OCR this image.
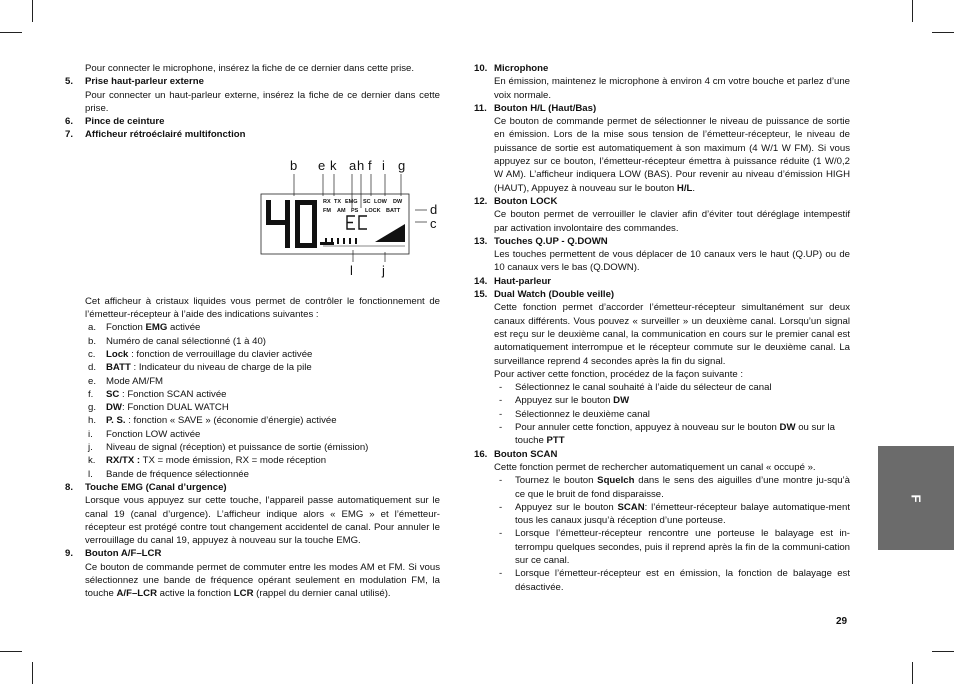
Pour connecter le microphone, insérez la fiche de ce dernier dans cette prise.

5. Prise haut-parleur externe

Pour connecter un haut-parleur externe, insérez la fiche de ce dernier dans cette prise.

6. Pince de ceinture

7. Afficheur rétroéclairé multifonction

Cet afficheur à cristaux liquides vous permet de contrôler le fonctionnement de l’émetteur-récepteur à l’aide des indications suivantes :

a. Fonction EMG activée

b. Numéro de canal sélectionné (1 à 40)

c. Lock : fonction de verrouillage du clavier activée

d. BATT : Indicateur du niveau de charge de la pile

e. Mode AM/FM

f. SC : Fonction SCAN activée

g. DW: Fonction DUAL WATCH

h. P. S. : fonction « SAVE » (économie d’énergie) activée

i. Fonction LOW activée

j. Niveau de signal (réception) et puissance de sortie (émission)

k. RX/TX : TX = mode émission, RX = mode réception

l. Bande de fréquence sélectionnée

8. Touche EMG (Canal d’urgence)

Lorsque vous appuyez sur cette touche, l’appareil passe automatiquement sur le canal 19 (canal d’urgence). L’afficheur indique alors « EMG » et l’émetteur-récepteur est protégé contre tout changement accidentel de canal. Pour annuler le verrouillage du canal 19, appuyez à nouveau sur la touche EMG.

9. Bouton A/F–LCR

Ce bouton de commande permet de commuter entre les modes AM et FM. Si vous sélectionnez une bande de fréquence opérant seulement en modulation FM, la touche A/F–LCR active la fonction LCR (rappel du dernier canal utilisé).

b e k a h f i g
d
c
l j
RX TX EMG SC LOW DW
FM AM PS LOCK BATT
10. Microphone

En émission, maintenez le microphone à environ 4 cm votre bouche et parlez d’une voix normale.

11. Bouton H/L (Haut/Bas)

Ce bouton de commande permet de sélectionner le niveau de puissance de sortie en émission. Lors de la mise sous tension de l’émetteur-récepteur, le niveau de puissance de sortie est automatiquement à son maximum (4 W/1 W FM). Si vous appuyez sur ce bouton, l’émetteur-récepteur émettra à puissance réduite (1 W/0,2 W AM). L’afficheur indiquera LOW (BAS). Pour revenir au niveau d’émission HIGH (HAUT), Appuyez à nouveau sur le bouton H/L.

12. Bouton LOCK

Ce bouton permet de verrouiller le clavier afin d’éviter tout déréglage intempestif par activation involontaire des commandes.

13. Touches Q.UP - Q.DOWN

Les touches permettent de vous déplacer de 10 canaux vers le haut (Q.UP) ou de 10 canaux vers le bas (Q.DOWN).

14. Haut-parleur

15. Dual Watch (Double veille)

Cette fonction permet d’accorder l’émetteur-récepteur simultanément sur deux canaux différents. Vous pouvez « surveiller » un deuxième canal. Lorsqu’un signal est reçu sur le deuxième canal, la communication en cours sur le premier canal est automatiquement interrompue et le récepteur commute sur le deuxième canal. La surveillance reprend 4 secondes après la fin du signal.

Pour activer cette fonction, procédez de la façon suivante :

- Sélectionnez le canal souhaité à l’aide du sélecteur de canal

- Appuyez sur le bouton DW

- Sélectionnez le deuxième canal

- Pour annuler cette fonction, appuyez à nouveau sur le bouton DW ou sur la touche PTT

16. Bouton SCAN

Cette fonction permet de rechercher automatiquement un canal « occupé ».

- Tournez le bouton Squelch dans le sens des aiguilles d’une montre ju-squ’à ce que le bruit de fond disparaisse.

- Appuyez sur le bouton SCAN: l’émetteur-récepteur balaye automatique-ment tous les canaux jusqu’à réception d’une porteuse.

- Lorsque l’émetteur-récepteur rencontre une porteuse le balayage est in-terrompu quelques secondes, puis il reprend après la fin de la communi-cation sur ce canal.

- Lorsque l’émetteur-récepteur est en émission, la fonction de balayage est désactivée.

F
29
